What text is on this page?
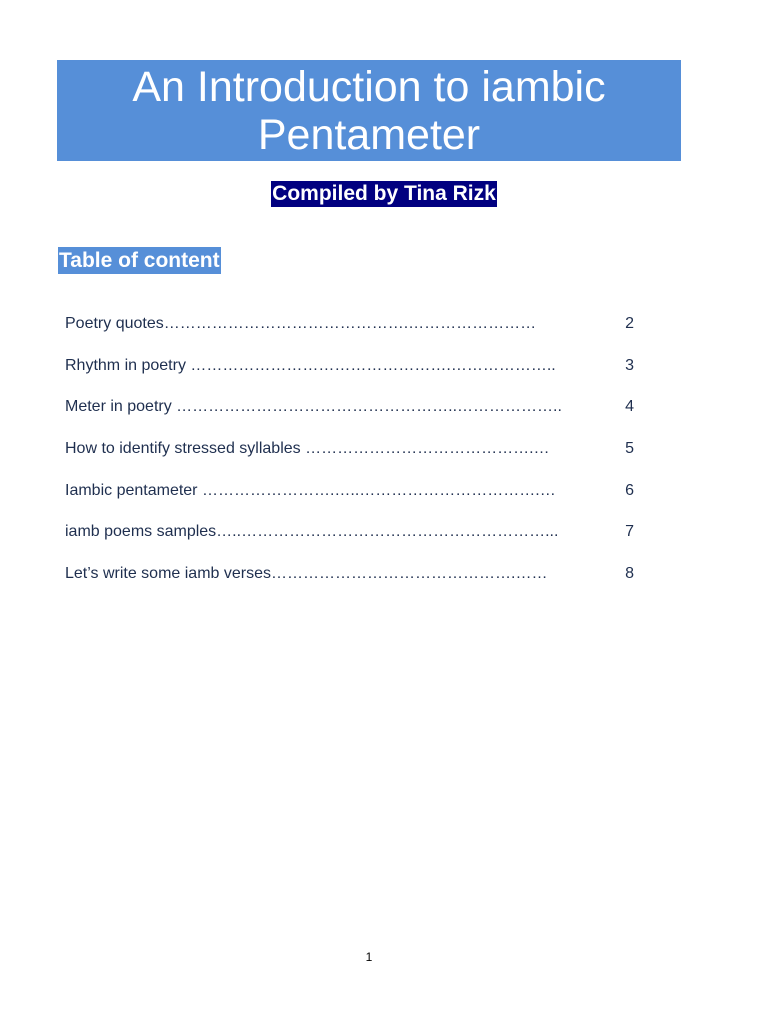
An Introduction to iambic Pentameter
Compiled by Tina Rizk
Table of content
Poetry quotes……………………………………….……………………	2
Rhythm in poetry ………………………………………….………………..	3
Meter in poetry ……………………………………………..………………..	4
How to identify stressed syllables …………………………………….…	5
Iambic pentameter …………………….…..…………………………….…	6
iamb poems samples…..…………………………………………………...	7
Let’s write some iamb verses……………………………………….……	8
1
